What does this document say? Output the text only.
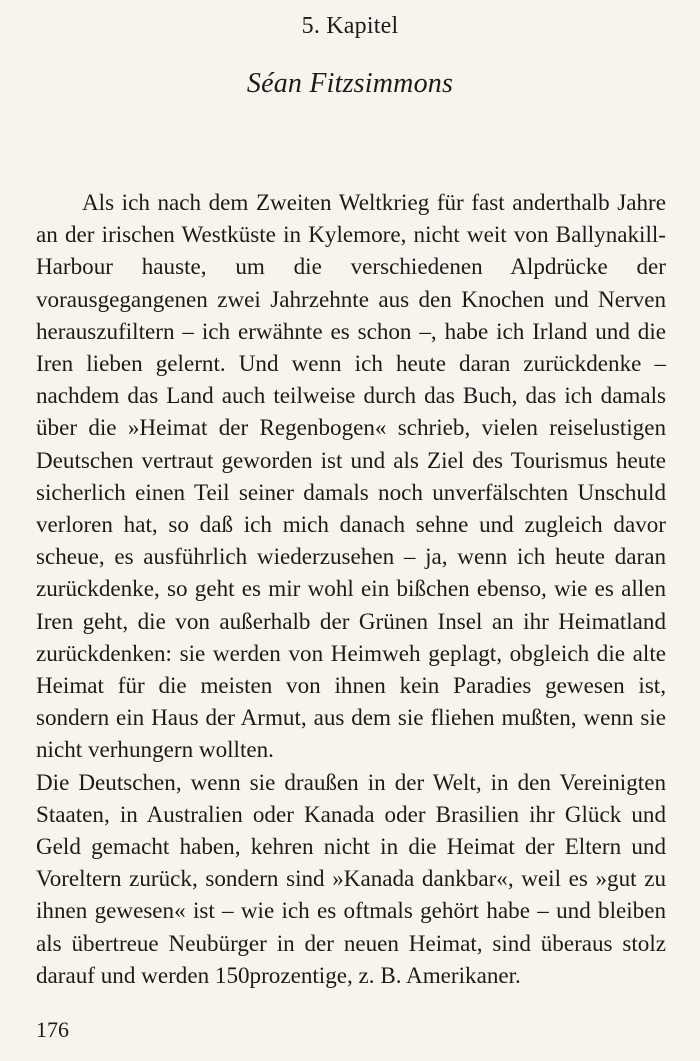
5. Kapitel
Séan Fitzsimmons

Als ich nach dem Zweiten Weltkrieg für fast anderthalb Jahre an der irischen Westküste in Kylemore, nicht weit von Ballynakill-Harbour hauste, um die verschiedenen Alpdrücke der vorausgegangenen zwei Jahrzehnte aus den Knochen und Nerven herauszufiltern – ich erwähnte es schon –, habe ich Irland und die Iren lieben gelernt. Und wenn ich heute daran zurückdenke – nachdem das Land auch teilweise durch das Buch, das ich damals über die »Heimat der Regenbogen« schrieb, vielen reiselustigen Deutschen vertraut geworden ist und als Ziel des Tourismus heute sicherlich einen Teil seiner damals noch unverfälschten Unschuld verloren hat, so daß ich mich danach sehne und zugleich davor scheue, es ausführlich wiederzusehen – ja, wenn ich heute daran zurückdenke, so geht es mir wohl ein bißchen ebenso, wie es allen Iren geht, die von außerhalb der Grünen Insel an ihr Heimatland zurückdenken: sie werden von Heimweh geplagt, obgleich die alte Heimat für die meisten von ihnen kein Paradies gewesen ist, sondern ein Haus der Armut, aus dem sie fliehen mußten, wenn sie nicht verhungern wollten.

Die Deutschen, wenn sie draußen in der Welt, in den Vereinigten Staaten, in Australien oder Kanada oder Brasilien ihr Glück und Geld gemacht haben, kehren nicht in die Heimat der Eltern und Voreltern zurück, sondern sind »Kanada dankbar«, weil es »gut zu ihnen gewesen« ist – wie ich es oftmals gehört habe – und bleiben als übertreue Neubürger in der neuen Heimat, sind überaus stolz darauf und werden 150prozentige, z. B. Amerikaner.

176
